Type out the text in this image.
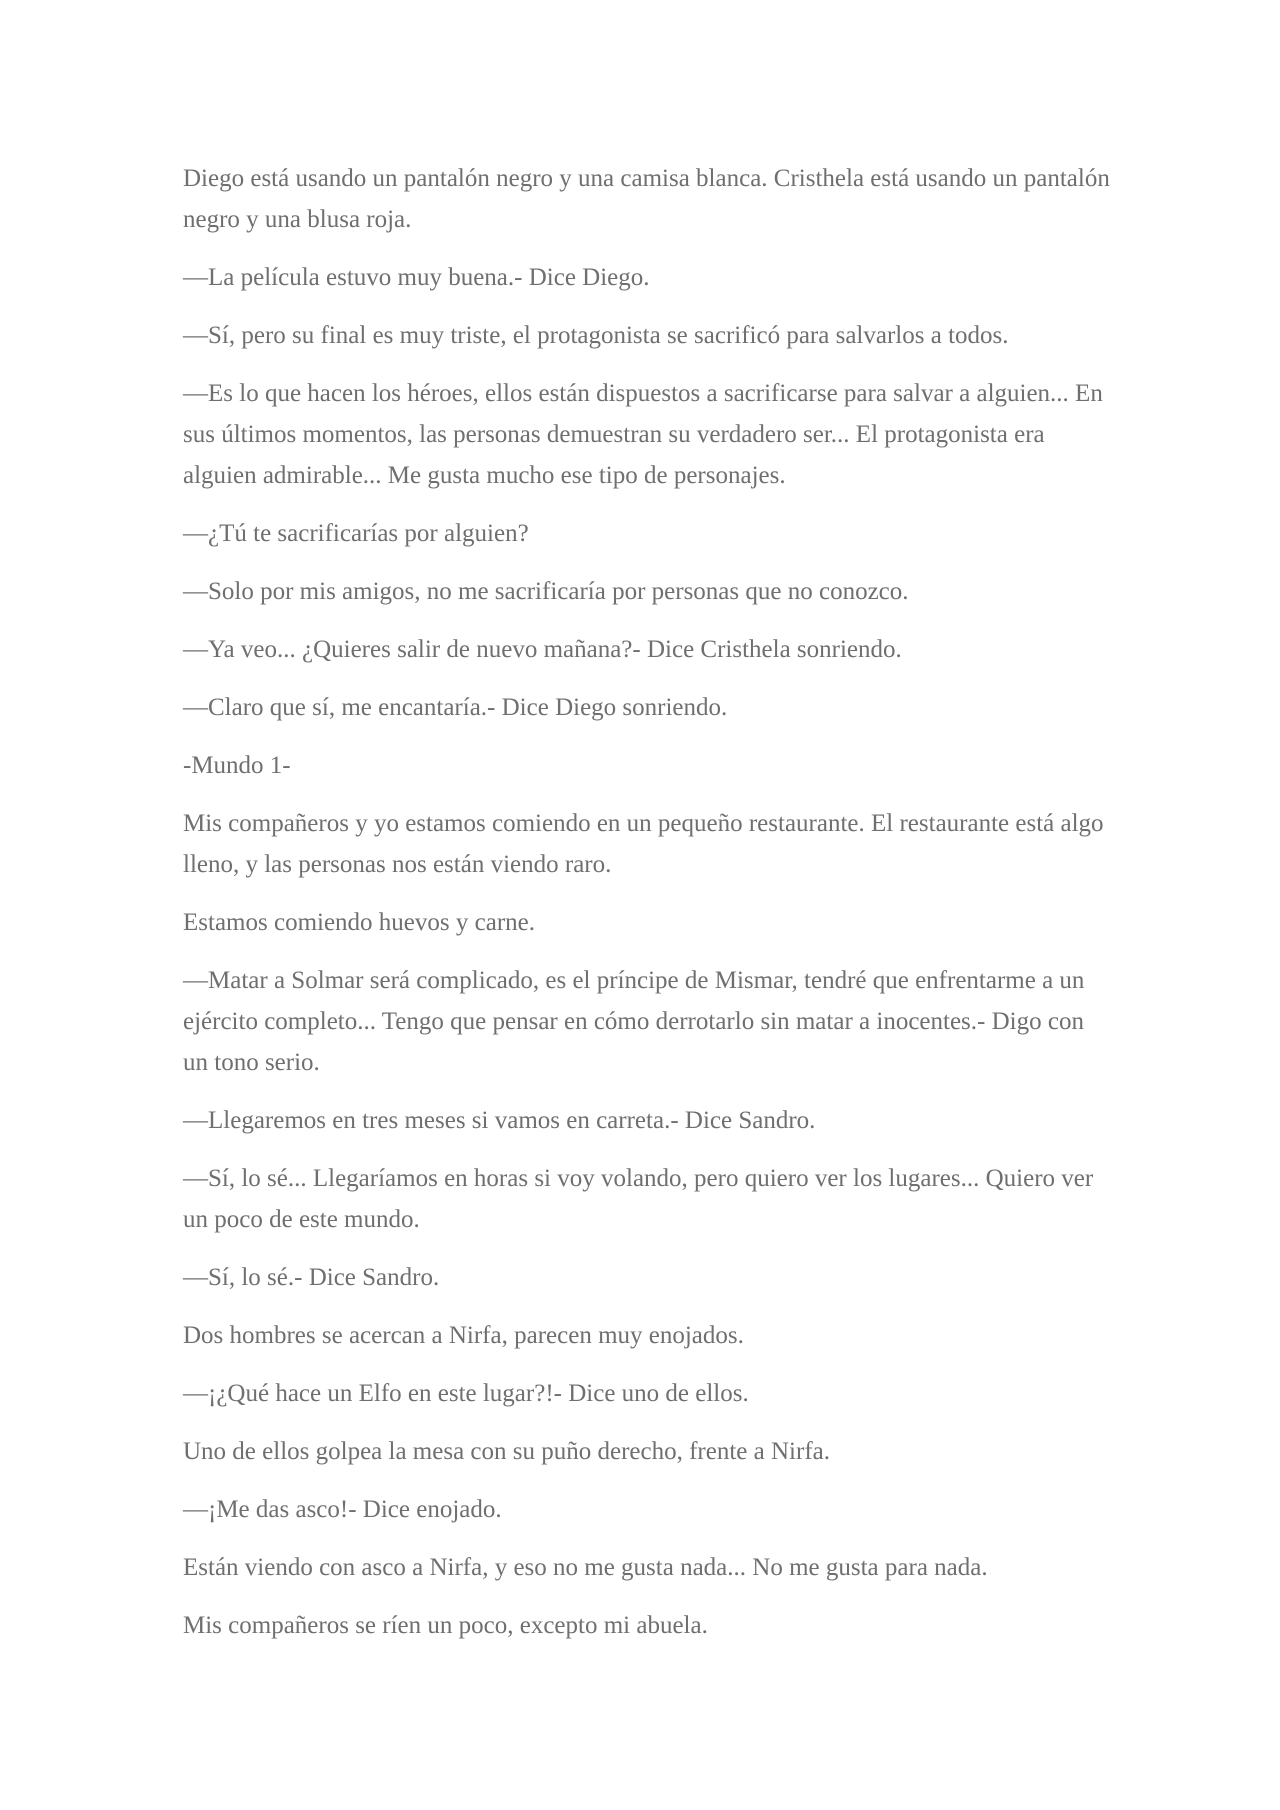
Diego está usando un pantalón negro y una camisa blanca. Cristhela está usando un pantalón negro y una blusa roja.

—La película estuvo muy buena.- Dice Diego.

—Sí, pero su final es muy triste, el protagonista se sacrificó para salvarlos a todos.

—Es lo que hacen los héroes, ellos están dispuestos a sacrificarse para salvar a alguien... En sus últimos momentos, las personas demuestran su verdadero ser... El protagonista era alguien admirable... Me gusta mucho ese tipo de personajes.

—¿Tú te sacrificarías por alguien?

—Solo por mis amigos, no me sacrificaría por personas que no conozco.

—Ya veo... ¿Quieres salir de nuevo mañana?- Dice Cristhela sonriendo.

—Claro que sí, me encantaría.- Dice Diego sonriendo.

-Mundo 1-

Mis compañeros y yo estamos comiendo en un pequeño restaurante. El restaurante está algo lleno, y las personas nos están viendo raro.

Estamos comiendo huevos y carne.

—Matar a Solmar será complicado, es el príncipe de Mismar, tendré que enfrentarme a un ejército completo... Tengo que pensar en cómo derrotarlo sin matar a inocentes.- Digo con un tono serio.

—Llegaremos en tres meses si vamos en carreta.- Dice Sandro.

—Sí, lo sé... Llegaríamos en horas si voy volando, pero quiero ver los lugares... Quiero ver un poco de este mundo.

—Sí, lo sé.- Dice Sandro.

Dos hombres se acercan a Nirfa, parecen muy enojados.

—¡¿Qué hace un Elfo en este lugar?!- Dice uno de ellos.

Uno de ellos golpea la mesa con su puño derecho, frente a Nirfa.

—¡Me das asco!- Dice enojado.

Están viendo con asco a Nirfa, y eso no me gusta nada... No me gusta para nada.

Mis compañeros se ríen un poco, excepto mi abuela.
